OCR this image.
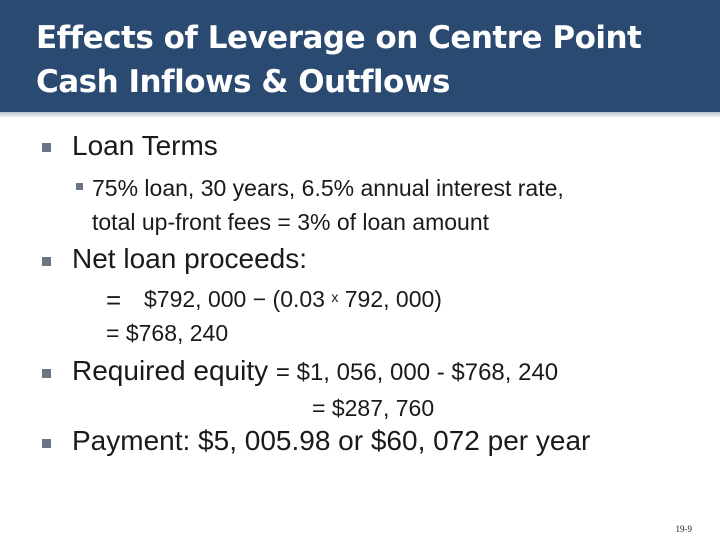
Effects of Leverage on Centre Point
Cash Inflows & Outflows
Loan Terms
75% loan, 30 years, 6.5% annual interest rate,
total up-front fees = 3% of loan amount
Net loan proceeds:
= $792, 000 − (0.03 $^x$ 792, 000)
= $768, 240
Required equity = $1, 056, 000 - $768, 240
= $287, 760
Payment: $5, 005.98 or $60, 072 per year
19-9
